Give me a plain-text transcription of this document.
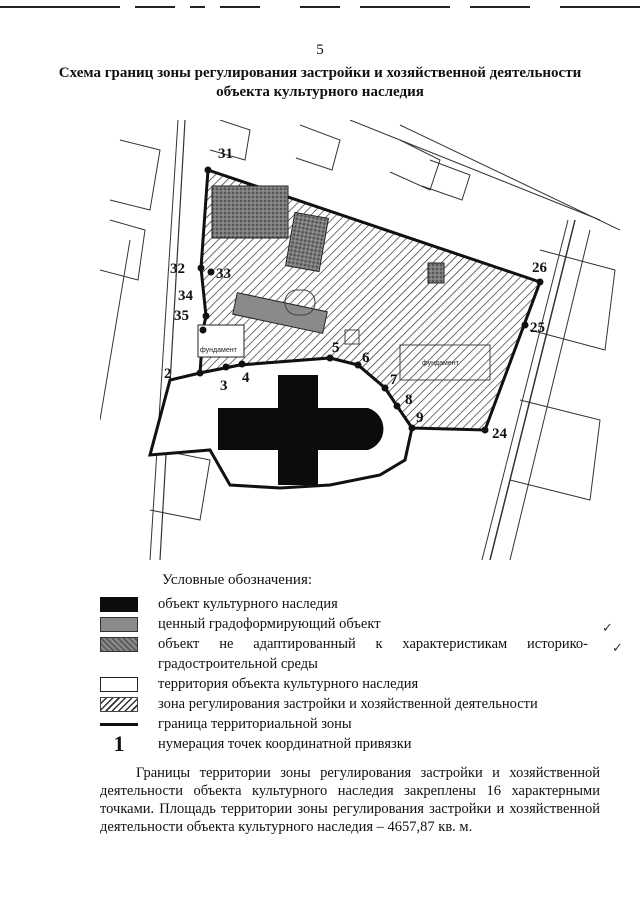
5
Схема границ зоны регулирования застройки и хозяйственной деятельности объекта культурного наследия
31
32 33
34
35
2
3 4
5
6
7
8
9
24
25
26
фундамент
фундамент
Условные обозначения:
объект культурного наследия
ценный градоформирующий объект
объект не адаптированный к характеристикам историко-градостроительной среды
территория объекта культурного наследия
зона регулирования застройки и хозяйственной деятельности
граница территориальной зоны
1	нумерация точек координатной привязки
✓
✓
Границы территории зоны регулирования застройки и хозяйственной деятельности объекта культурного наследия закреплены 16 характерными точками. Площадь территории зоны регулирования застройки и хозяйственной деятельности объекта культурного наследия – 4657,87 кв. м.
